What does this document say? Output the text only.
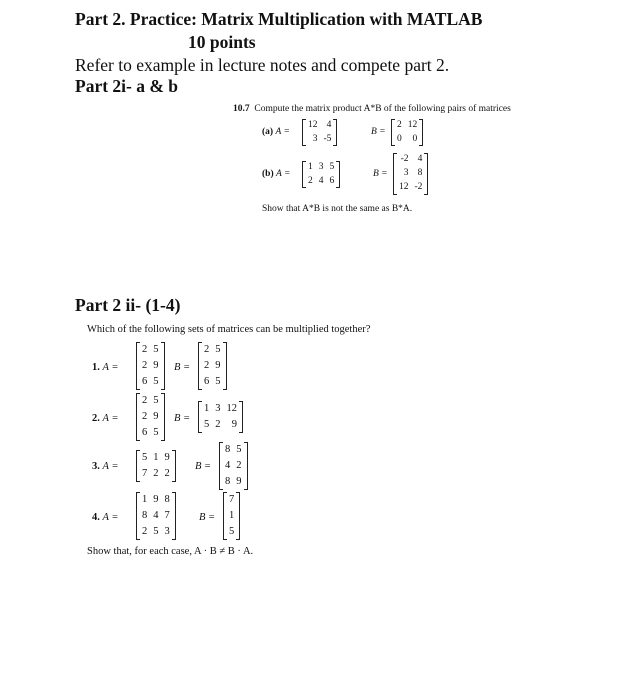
Part 2. Practice: Matrix Multiplication with MATLAB
10 points
Refer to example in lecture notes and compete part 2.
Part 2i- a & b
10.7 Compute the matrix product A*B of the following pairs of matrices
(a) A =
12 4
3 -5
B =
2 12
0	0
(b) A =
1 3 5
2 4 6
B =
-2 4
3 8
12 -2
Show that A*B is not the same as B*A.
Part 2 ii- (1-4)
Which of the following sets of matrices can be multiplied together?
1. A =
2 5
2 9
6 5
B =
2 5
2 9
6 5
2. A =
2 5
2 9
6 5
B =
1 3 12
5 2	9
3. A =
5 1 9
7 2 2
B =
8 5
4 2
8 9
4. A =
1 9 8
8 4 7
2 5 3
B =
7
1
5
Show that, for each case, A · B ≠ B · A.
